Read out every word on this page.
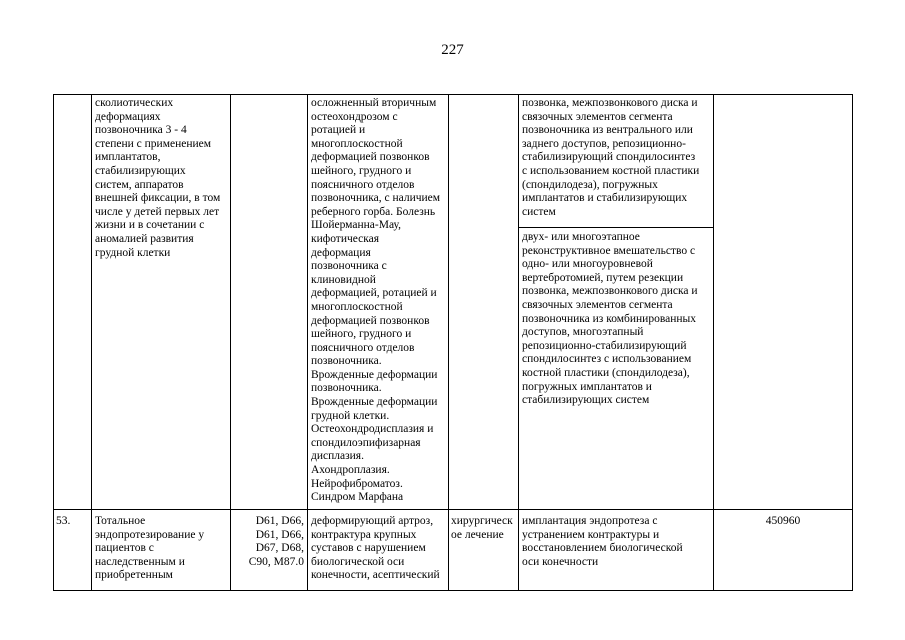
227
сколиотических
деформациях
позвоночника 3 - 4
степени с применением
имплантатов,
стабилизирующих
систем, аппаратов
внешней фиксации, в том
числе у детей первых лет
жизни и в сочетании с
аномалией развития
грудной клетки
осложненный вторичным
остеохондрозом с
ротацией и
многоплоскостной
деформацией позвонков
шейного, грудного и
поясничного отделов
позвоночника, с наличием
реберного горба. Болезнь
Шойерманна-Мау,
кифотическая
деформация
позвоночника с
клиновидной
деформацией, ротацией и
многоплоскостной
деформацией позвонков
шейного, грудного и
поясничного отделов
позвоночника.
Врожденные деформации
позвоночника.
Врожденные деформации
грудной клетки.
Остеохондродисплазия и
спондилоэпифизарная
дисплазия.
Ахондроплазия.
Нейрофиброматоз.
Синдром Марфана
позвонка, межпозвонкового диска и
связочных элементов сегмента
позвоночника из вентрального или
заднего доступов, репозиционно-
стабилизирующий спондилосинтез
с использованием костной пластики
(спондилодеза), погружных
имплантатов и стабилизирующих
систем
двух- или многоэтапное
реконструктивное вмешательство с
одно- или многоуровневой
вертебротомией, путем резекции
позвонка, межпозвонкового диска и
связочных элементов сегмента
позвоночника из комбинированных
доступов, многоэтапный
репозиционно-стабилизирующий
спондилосинтез с использованием
костной пластики (спондилодеза),
погружных имплантатов и
стабилизирующих систем
53.	Тотальное
эндопротезирование у
пациентов с
наследственным и
приобретенным
D61, D66,
D61, D66,
D67, D68,
C90, M87.0
деформирующий артроз,
контрактура крупных
суставов с нарушением
биологической оси
конечности, асептический
хирургическ
ое лечение
имплантация эндопротеза с
устранением контрактуры и
восстановлением биологической
оси конечности
450960
